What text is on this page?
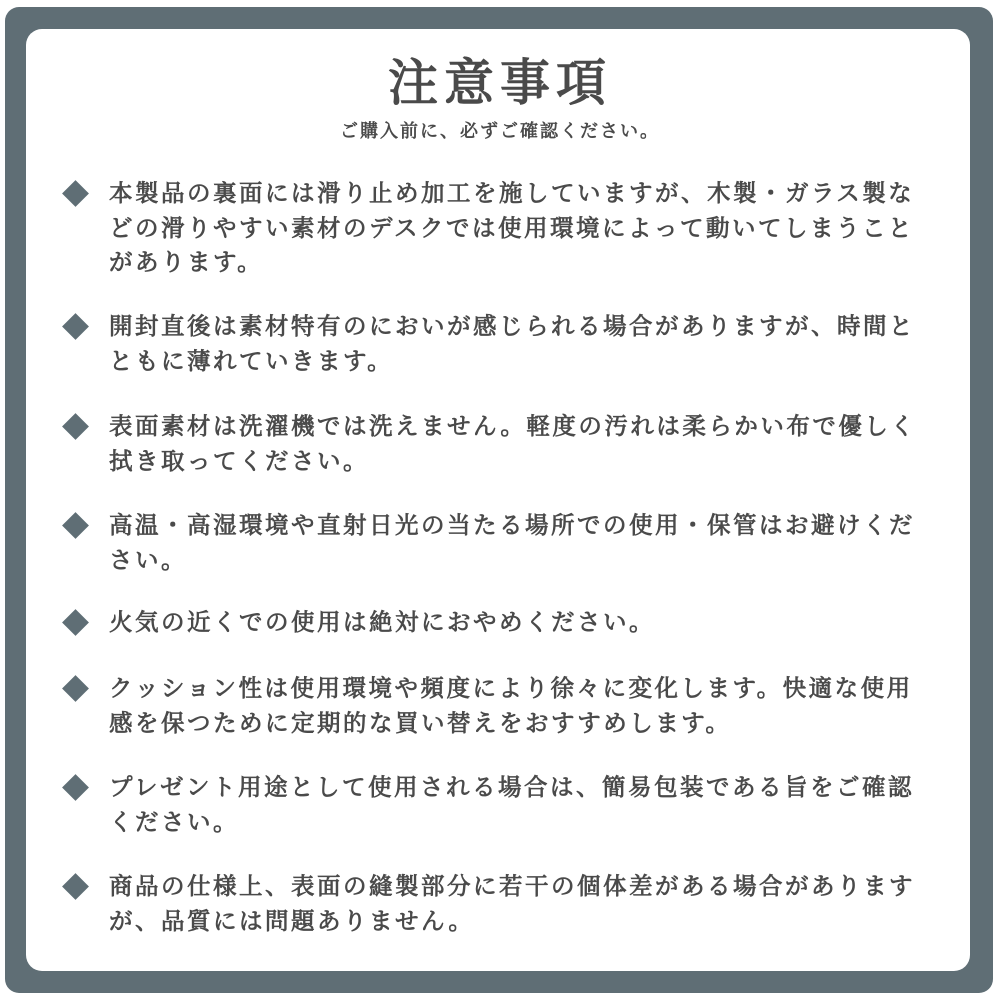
注意事項
ご購入前に、必ずご確認ください。

本製品の裏面には滑り止め加工を施していますが、木製・ガラス製などの滑りやすい素材のデスクでは使用環境によって動いてしまうことがあります。

開封直後は素材特有のにおいが感じられる場合がありますが、時間とともに薄れていきます。

表面素材は洗濯機では洗えません。軽度の汚れは柔らかい布で優しく拭き取ってください。

高温・高湿環境や直射日光の当たる場所での使用・保管はお避けください。

火気の近くでの使用は絶対におやめください。

クッション性は使用環境や頻度により徐々に変化します。快適な使用感を保つために定期的な買い替えをおすすめします。

プレゼント用途として使用される場合は、簡易包装である旨をご確認ください。

商品の仕様上、表面の縫製部分に若干の個体差がある場合がありますが、品質には問題ありません。
